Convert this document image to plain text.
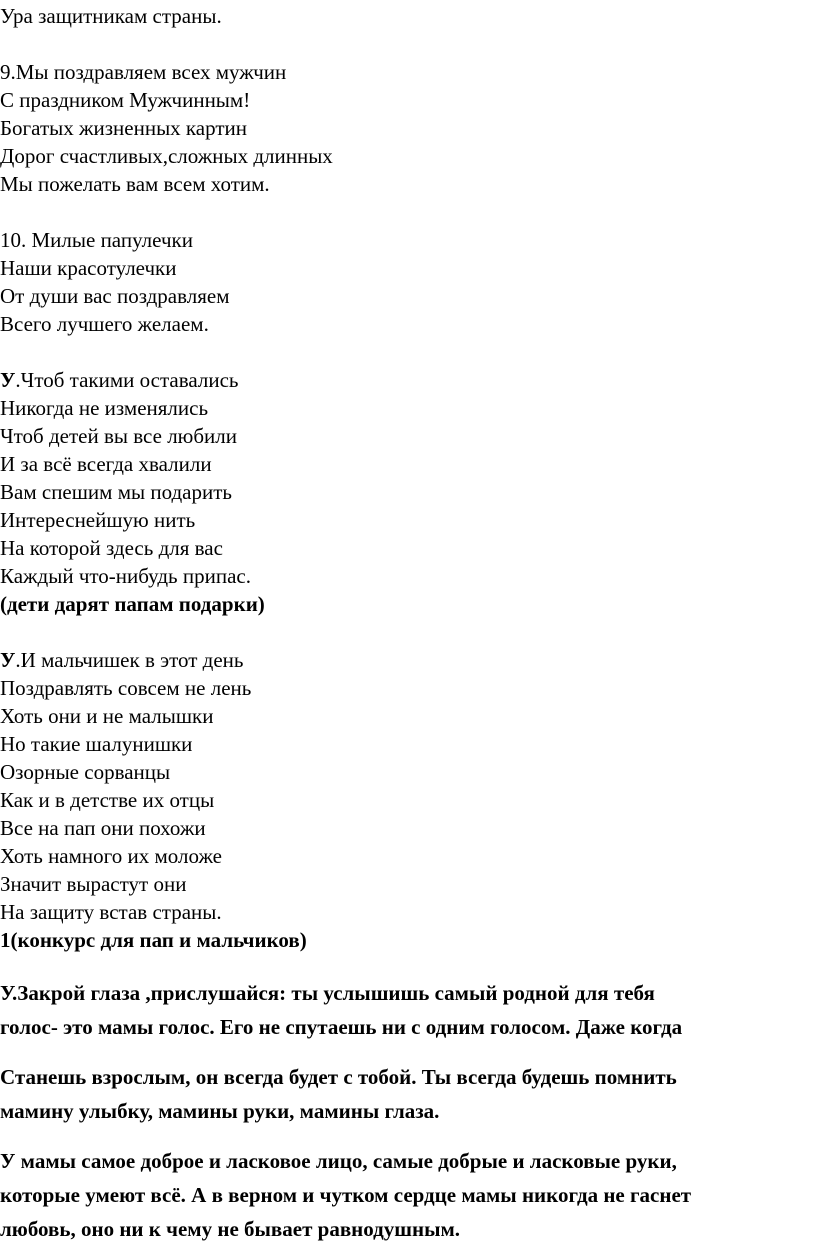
Ура защитникам страны.
9.Мы поздравляем всех мужчин
С праздником Мужчинным!
Богатых жизненных картин
Дорог счастливых,сложных длинных
Мы пожелать вам всем хотим.
10. Милые папулечки
Наши красотулечки
От души вас поздравляем
Всего лучшего желаем.
У.Чтоб такими оставались
Никогда не изменялись
Чтоб детей вы все любили
И за всё всегда хвалили
Вам спешим мы подарить
Интереснейшую нить
На которой здесь для вас
Каждый что-нибудь припас.
(дети дарят папам подарки)
У.И мальчишек в этот день
Поздравлять совсем не лень
Хоть они и не малышки
Но такие шалунишки
Озорные сорванцы
Как и в детстве их отцы
Все на пап они похожи
Хоть намного их моложе
Значит вырастут они
На защиту встав страны.
1(конкурс для пап и мальчиков)
У.Закрой глаза ,прислушайся: ты услышишь самый родной для тебя
голос- это мамы голос. Его не спутаешь ни с одним голосом. Даже когда
Станешь взрослым, он всегда будет с тобой. Ты всегда будешь помнить
мамину улыбку, мамины руки, мамины глаза.
У мамы самое доброе и ласковое лицо, самые добрые и ласковые руки,
которые умеют всё. А в верном и чутком сердце мамы никогда не гаснет
любовь, оно ни к чему не бывает равнодушным.
